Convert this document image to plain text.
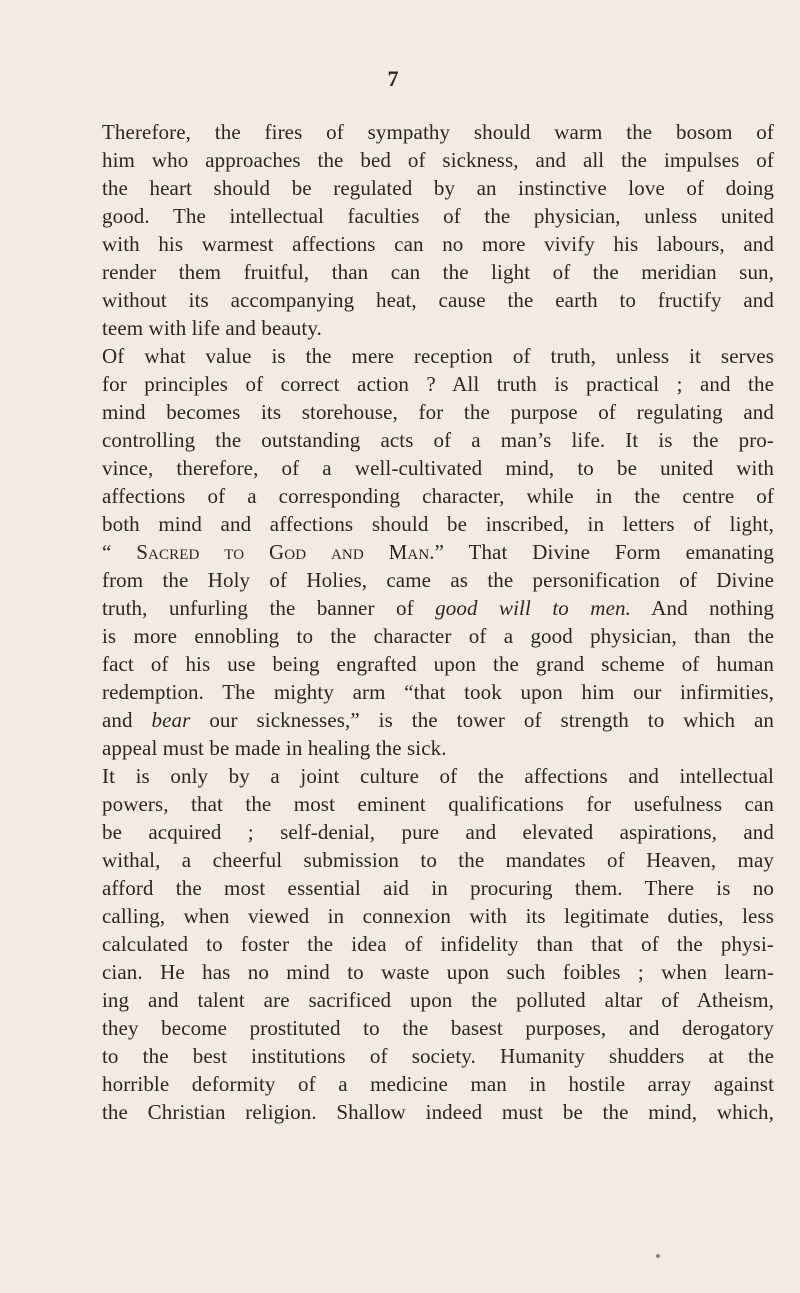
7
Therefore, the fires of sympathy should warm the bosom of
him who approaches the bed of sickness, and all the impulses of
the heart should be regulated by an instinctive love of doing
good. The intellectual faculties of the physician, unless united
with his warmest affections can no more vivify his labours, and
render them fruitful, than can the light of the meridian sun,
without its accompanying heat, cause the earth to fructify and
teem with life and beauty.
Of what value is the mere reception of truth, unless it serves
for principles of correct action ? All truth is practical ; and the
mind becomes its storehouse, for the purpose of regulating and
controlling the outstanding acts of a man’s life. It is the pro-
vince, therefore, of a well-cultivated mind, to be united with
affections of a corresponding character, while in the centre of
both mind and affections should be inscribed, in letters of light,
“ Sacred to God and Man.” That Divine Form emanating
from the Holy of Holies, came as the personification of Divine
truth, unfurling the banner of good will to men. And nothing
is more ennobling to the character of a good physician, than the
fact of his use being engrafted upon the grand scheme of human
redemption. The mighty arm “that took upon him our infirmities,
and bear our sicknesses,” is the tower of strength to which an
appeal must be made in healing the sick.
It is only by a joint culture of the affections and intellectual
powers, that the most eminent qualifications for usefulness can
be acquired ; self-denial, pure and elevated aspirations, and
withal, a cheerful submission to the mandates of Heaven, may
afford the most essential aid in procuring them. There is no
calling, when viewed in connexion with its legitimate duties, less
calculated to foster the idea of infidelity than that of the physi-
cian. He has no mind to waste upon such foibles ; when learn-
ing and talent are sacrificed upon the polluted altar of Atheism,
they become prostituted to the basest purposes, and derogatory
to the best institutions of society. Humanity shudders at the
horrible deformity of a medicine man in hostile array against
the Christian religion. Shallow indeed must be the mind, which,
